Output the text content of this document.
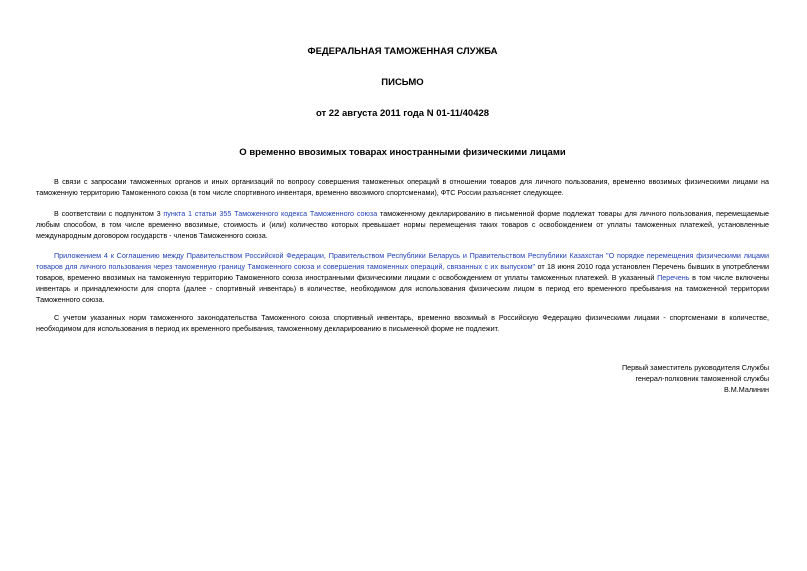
ФЕДЕРАЛЬНАЯ ТАМОЖЕННАЯ СЛУЖБА
ПИСЬМО
от 22 августа 2011 года N 01-11/40428
О временно ввозимых товарах иностранными физическими лицами

В связи с запросами таможенных органов и иных организаций по вопросу совершения таможенных операций в отношении товаров для личного пользования, временно ввозимых физическими лицами на таможенную территорию Таможенного союза (в том числе спортивного инвентаря, временно ввозимого спортсменами), ФТС России разъясняет следующее.

В соответствии с подпунктом 3 пункта 1 статьи 355 Таможенного кодекса Таможенного союза таможенному декларированию в письменной форме подлежат товары для личного пользования, перемещаемые любым способом, в том числе временно ввозимые, стоимость и (или) количество которых превышает нормы перемещения таких товаров с освобождением от уплаты таможенных платежей, установленные международным договором государств - членов Таможенного союза.

Приложением 4 к Соглашению между Правительством Российской Федерации, Правительством Республики Беларусь и Правительством Республики Казахстан "О порядке перемещения физическими лицами товаров для личного пользования через таможенную границу Таможенного союза и совершения таможенных операций, связанных с их выпуском" от 18 июня 2010 года установлен Перечень бывших в употреблении товаров, временно ввозимых на таможенную территорию Таможенного союза иностранными физическими лицами с освобождением от уплаты таможенных платежей. В указанный Перечень в том числе включены инвентарь и принадлежности для спорта (далее - спортивный инвентарь) в количестве, необходимом для использования физическим лицом в период его временного пребывания на таможенной территории Таможенного союза.

С учетом указанных норм таможенного законодательства Таможенного союза спортивный инвентарь, временно ввозимый в Российскую Федерацию физическими лицами - спортсменами в количестве, необходимом для использования в период их временного пребывания, таможенному декларированию в письменной форме не подлежит.

Первый заместитель руководителя Службы
генерал-полковник таможенной службы
В.М.Малинин
